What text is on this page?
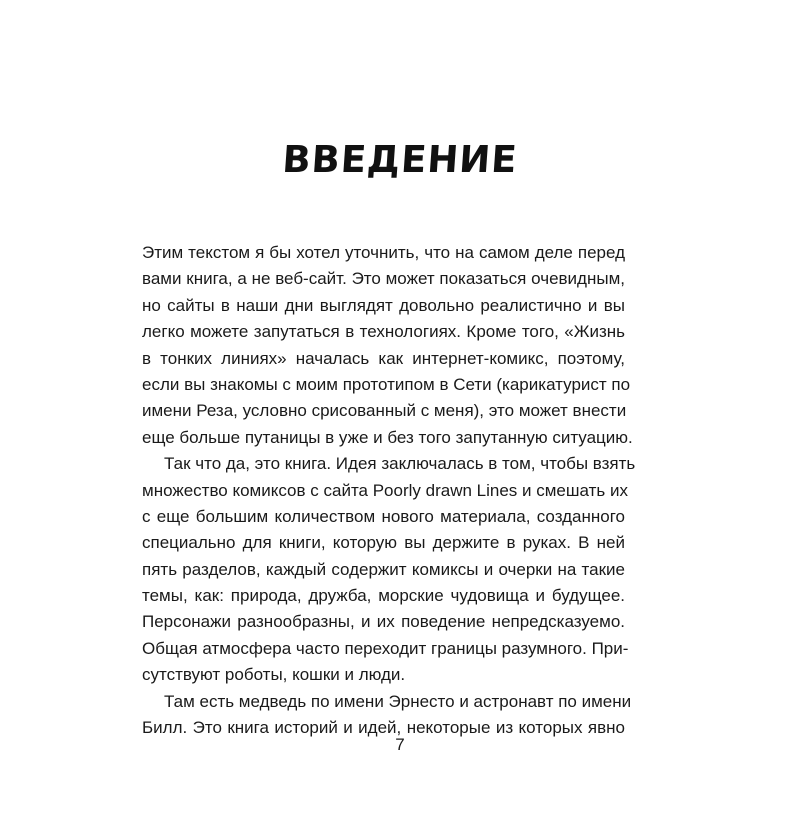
ВВЕДЕНИЕ
Этим текстом я бы хотел уточнить, что на самом деле перед
вами книга, а не веб-сайт. Это может показаться очевидным,
но сайты в наши дни выглядят довольно реалистично и вы
легко можете запутаться в технологиях. Кроме того, «Жизнь
в тонких линиях» началась как интернет-комикс, поэтому,
если вы знакомы с моим прототипом в Сети (карикатурист по
имени Реза, условно срисованный с меня), это может внести
еще больше путаницы в уже и без того запутанную ситуацию.
Так что да, это книга. Идея заключалась в том, чтобы взять
множество комиксов с сайта Poorly drawn Lines и смешать их
с еще большим количеством нового материала, созданного
специально для книги, которую вы держите в руках. В ней
пять разделов, каждый содержит комиксы и очерки на такие
темы, как: природа, дружба, морские чудовища и будущее.
Персонажи разнообразны, и их поведение непредсказуемо.
Общая атмосфера часто переходит границы разумного. При-
сутствуют роботы, кошки и люди.
Там есть медведь по имени Эрнесто и астронавт по имени
Билл. Это книга историй и идей, некоторые из которых явно
7
